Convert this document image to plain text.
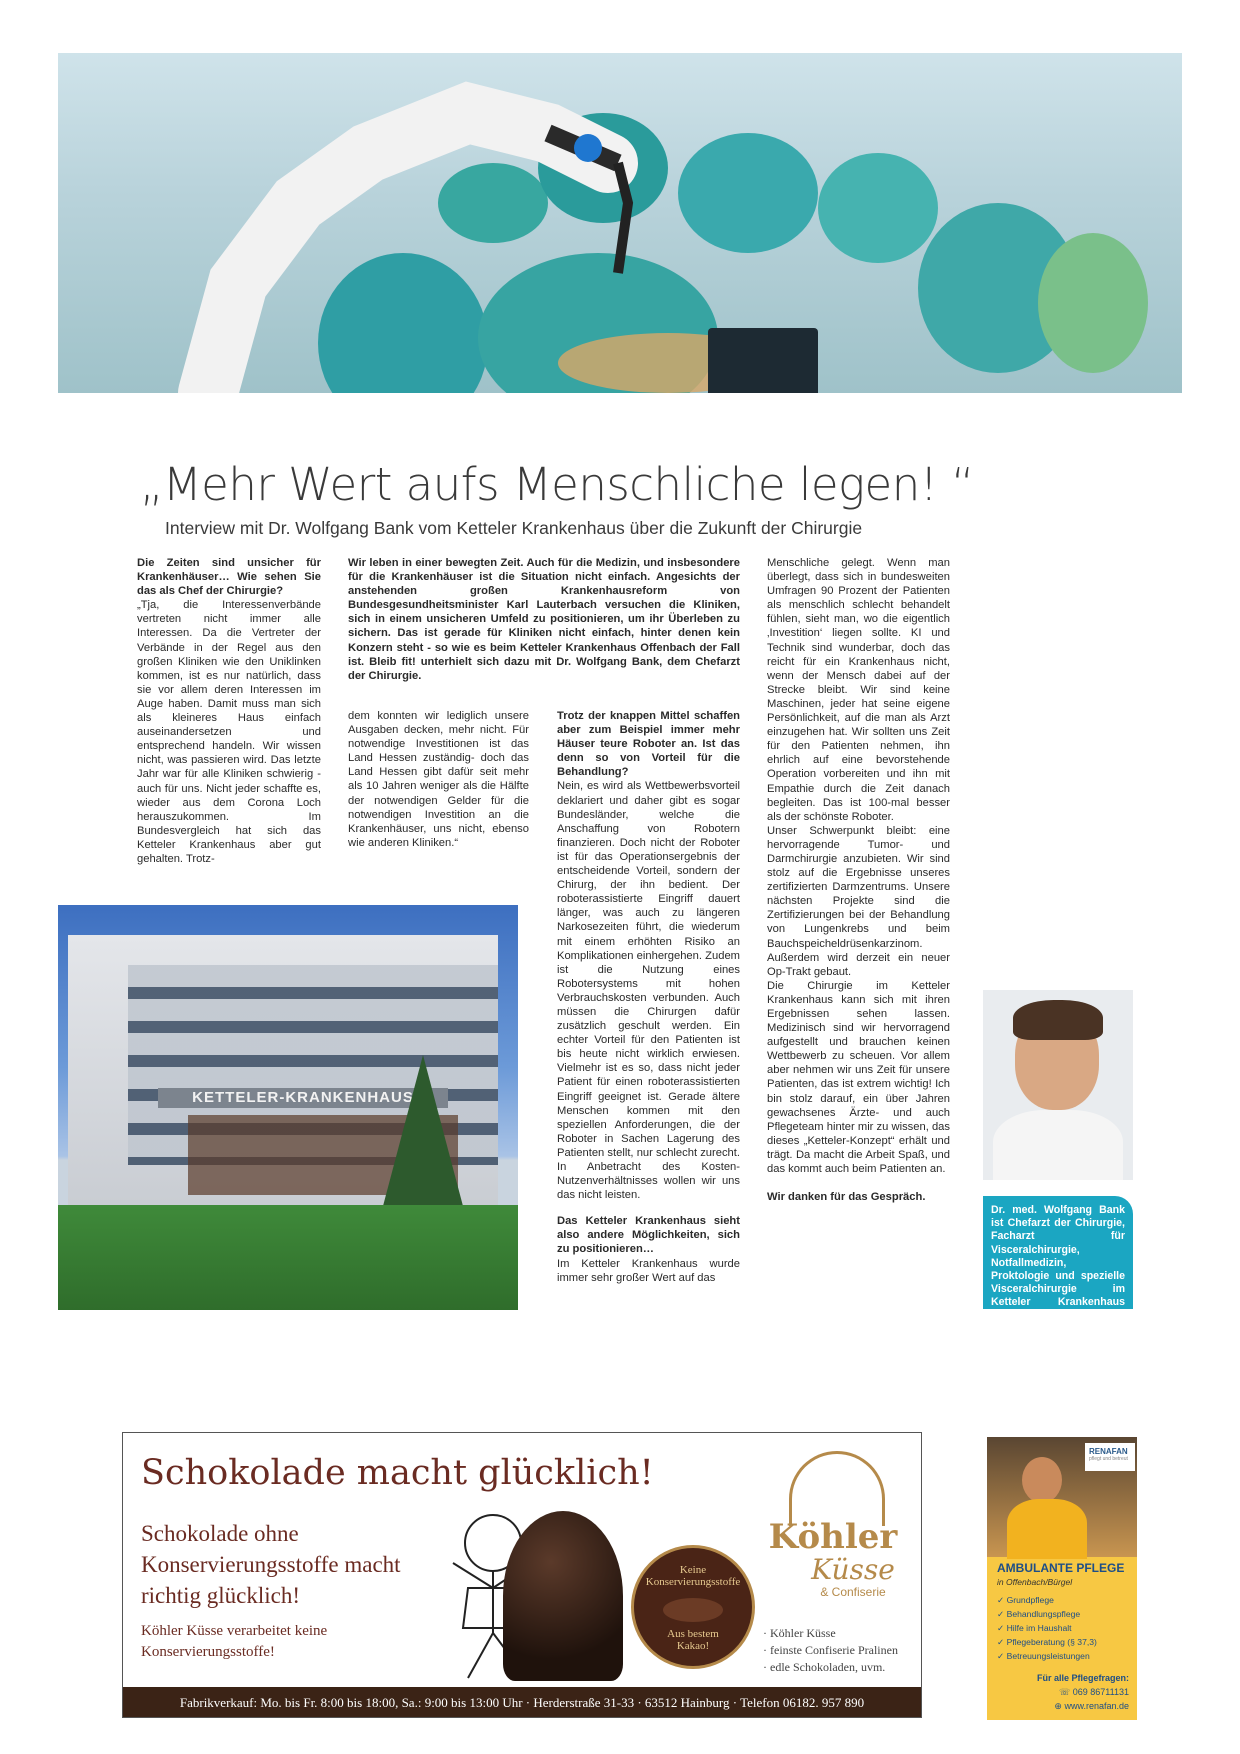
„Mehr Wert aufs Menschliche legen! “
Interview mit Dr. Wolfgang Bank vom Ketteler Krankenhaus über die Zukunft der Chirurgie

Die Zeiten sind unsicher für Krankenhäuser… Wie sehen Sie das als Chef der Chirurgie?

„Tja, die Interessenverbände vertreten nicht immer alle Interessen. Da die Vertreter der Verbände in der Regel aus den großen Kliniken wie den Uniklinken kommen, ist es nur natürlich, dass sie vor allem deren Interessen im Auge haben. Damit muss man sich als kleineres Haus einfach auseinandersetzen und entsprechend handeln. Wir wissen nicht, was passieren wird. Das letzte Jahr war für alle Kliniken schwierig - auch für uns. Nicht jeder schaffte es, wieder aus dem Corona Loch herauszukommen. Im Bundesvergleich hat sich das Ketteler Krankenhaus aber gut gehalten. Trotz-

Wir leben in einer bewegten Zeit. Auch für die Medizin, und insbesondere für die Krankenhäuser ist die Situation nicht einfach. Angesichts der anstehenden großen Krankenhausreform von Bundesgesundheitsminister Karl Lauterbach versuchen die Kliniken, sich in einem unsicheren Umfeld zu positionieren, um ihr Überleben zu sichern. Das ist gerade für Kliniken nicht einfach, hinter denen kein Konzern steht - so wie es beim Ketteler Krankenhaus Offenbach der Fall ist. Bleib fit! unterhielt sich dazu mit Dr. Wolfgang Bank, dem Chefarzt der Chirurgie.
dem konnten wir lediglich unsere Ausgaben decken, mehr nicht. Für notwendige Investitionen ist das Land Hessen zuständig- doch das Land Hessen gibt dafür seit mehr als 10 Jahren weniger als die Hälfte der notwendigen Gelder für die notwendigen Investition an die Krankenhäuser, uns nicht, ebenso wie anderen Kliniken.“

Trotz der knappen Mittel schaffen aber zum Beispiel immer mehr Häuser teure Roboter an. Ist das denn so von Vorteil für die Behandlung?

Nein, es wird als Wettbewerbsvorteil deklariert und daher gibt es sogar Bundesländer, welche die Anschaffung von Robotern finanzieren. Doch nicht der Roboter ist für das Operationsergebnis der entscheidende Vorteil, sondern der Chirurg, der ihn bedient. Der roboterassistierte Eingriff dauert länger, was auch zu längeren Narkosezeiten führt, die wiederum mit einem erhöhten Risiko an Komplikationen einhergehen. Zudem ist die Nutzung eines Robotersystems mit hohen Verbrauchskosten verbunden. Auch müssen die Chirurgen dafür zusätzlich geschult werden. Ein echter Vorteil für den Patienten ist bis heute nicht wirklich erwiesen. Vielmehr ist es so, dass nicht jeder Patient für einen roboterassistierten Eingriff geeignet ist. Gerade ältere Menschen kommen mit den speziellen Anforderungen, die der Roboter in Sachen Lagerung des Patienten stellt, nur schlecht zurecht. In Anbetracht des Kosten-Nutzenverhältnisses wollen wir uns das nicht leisten.

Das Ketteler Krankenhaus sieht also andere Möglichkeiten, sich zu positionieren…

Im Ketteler Krankenhaus wurde immer sehr großer Wert auf das

Menschliche gelegt. Wenn man überlegt, dass sich in bundesweiten Umfragen 90 Prozent der Patienten als menschlich schlecht behandelt fühlen, sieht man, wo die eigentlich ‚Investition‘ liegen sollte. KI und Technik sind wunderbar, doch das reicht für ein Krankenhaus nicht, wenn der Mensch dabei auf der Strecke bleibt. Wir sind keine Maschinen, jeder hat seine eigene Persönlichkeit, auf die man als Arzt einzugehen hat. Wir sollten uns Zeit für den Patienten nehmen, ihn ehrlich auf eine bevorstehende Operation vorbereiten und ihn mit Empathie durch die Zeit danach begleiten. Das ist 100-mal besser als der schönste Roboter.

Unser Schwerpunkt bleibt: eine hervorragende Tumor- und Darmchirurgie anzubieten. Wir sind stolz auf die Ergebnisse unseres zertifizierten Darmzentrums. Unsere nächsten Projekte sind die Zertifizierungen bei der Behandlung von Lungenkrebs und beim Bauchspeicheldrüsenkarzinom. Außerdem wird derzeit ein neuer Op-Trakt gebaut.

Die Chirurgie im Ketteler Krankenhaus kann sich mit ihren Ergebnissen sehen lassen. Medizinisch sind wir hervorragend aufgestellt und brauchen keinen Wettbewerb zu scheuen. Vor allem aber nehmen wir uns Zeit für unsere Patienten, das ist extrem wichtig! Ich bin stolz darauf, ein über Jahren gewachsenes Ärzte- und auch Pflegeteam hinter mir zu wissen, das dieses „Ketteler-Konzept“ erhält und trägt. Da macht die Arbeit Spaß, und das kommt auch beim Patienten an.

Wir danken für das Gespräch.

KETTELER-KRANKENHAUS
Dr. med. Wolfgang Bank ist Chefarzt der Chirurgie, Facharzt für Visceralchirurgie, Notfallmedizin, Proktologie und spezielle Visceralchirurgie im Ketteler Krankenhaus Offenbach.
Schokolade macht glücklich!
Schokolade ohne Konservierungsstoffe macht richtig glücklich!
Köhler Küsse verarbeitet keine Konservierungsstoffe!
Keine Konservierungsstoffe
Aus bestem Kakao!
Köhler
Küsse
& Confiserie
· Köhler Küsse
· feinste Confiserie Pralinen
· edle Schokoladen, uvm.
Fabrikverkauf: Mo. bis Fr. 8:00 bis 18:00, Sa.: 9:00 bis 13:00 Uhr · Herderstraße 31-33 · 63512 Hainburg · Telefon 06182. 957 890
RENAFAN
pflegt und betreut
AMBULANTE PFLEGE
in Offenbach/Bürgel
✓ Grundpflege
✓ Behandlungspflege
✓ Hilfe im Haushalt
✓ Pflegeberatung (§ 37,3)
✓ Betreuungsleistungen
Für alle Pflegefragen:
☏ 069 86711131
⊕ www.renafan.de
